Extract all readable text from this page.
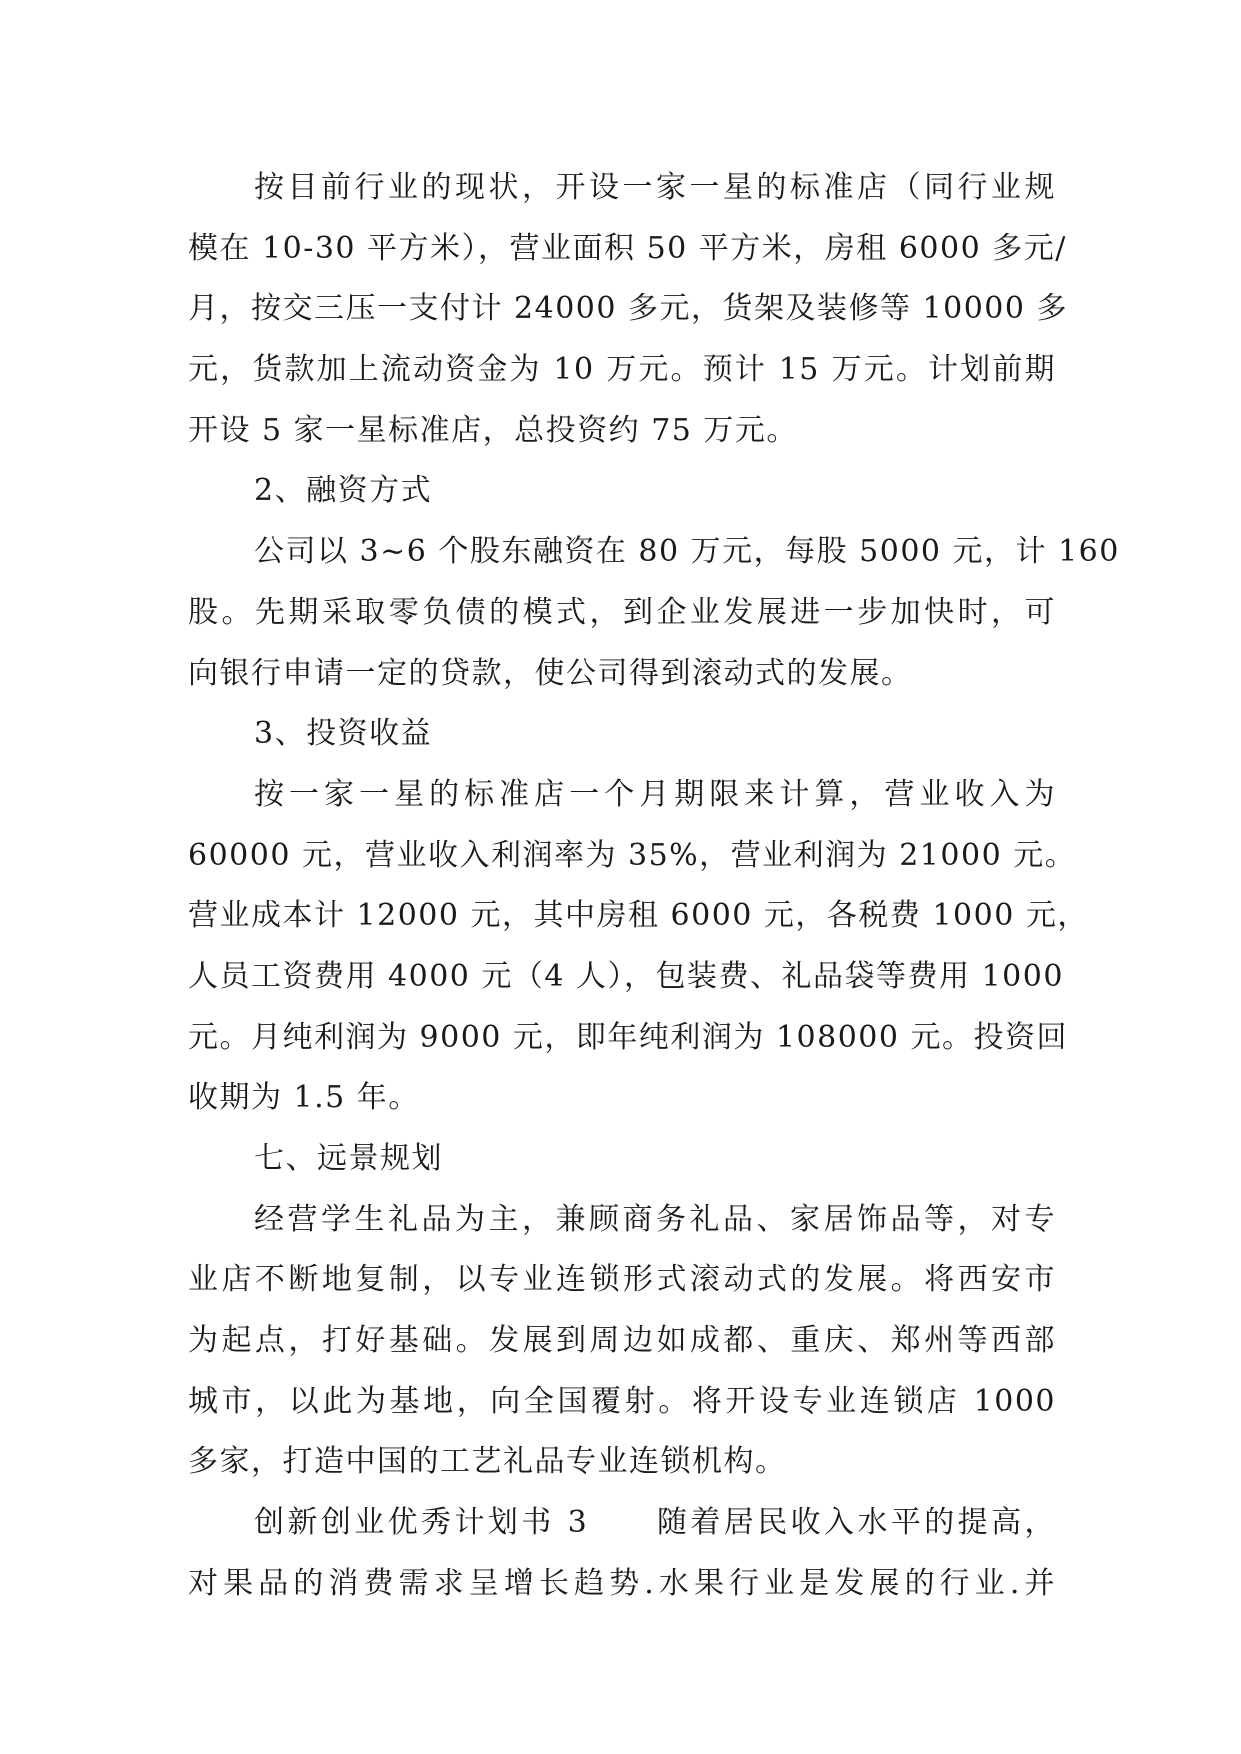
按目前行业的现状，开设一家一星的标准店（同行业规
模在 10-30 平方米），营业面积 50 平方米，房租 6000 多元/
月，按交三压一支付计 24000 多元，货架及装修等 10000 多
元，货款加上流动资金为 10 万元。预计 15 万元。计划前期
开设 5 家一星标准店，总投资约 75 万元。
2、融资方式
公司以 3~6 个股东融资在 80 万元，每股 5000 元，计 160
股。先期采取零负债的模式，到企业发展进一步加快时，可
向银行申请一定的贷款，使公司得到滚动式的发展。
3、投资收益
按一家一星的标准店一个月期限来计算，营业收入为
60000 元，营业收入利润率为 35%，营业利润为 21000 元。
营业成本计 12000 元，其中房租 6000 元，各税费 1000 元，
人员工资费用 4000 元（4 人），包装费、礼品袋等费用 1000
元。月纯利润为 9000 元，即年纯利润为 108000 元。投资回
收期为 1.5 年。
七、远景规划
经营学生礼品为主，兼顾商务礼品、家居饰品等，对专
业店不断地复制，以专业连锁形式滚动式的发展。将西安市
为起点，打好基础。发展到周边如成都、重庆、郑州等西部
城市，以此为基地，向全国覆射。将开设专业连锁店 1000
多家，打造中国的工艺礼品专业连锁机构。
创新创业优秀计划书 3　　随着居民收入水平的提高，
对果品的消费需求呈增长趋势.水果行业是发展的行业.并
